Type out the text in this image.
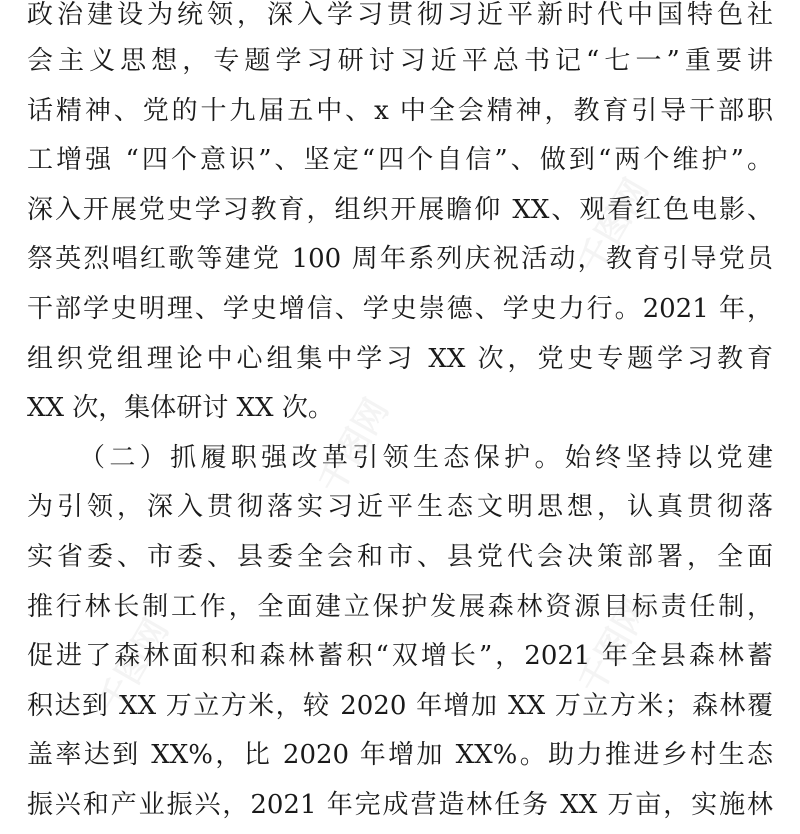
政治建设为统领，深入学习贯彻习近平新时代中国特色社
会主义思想，专题学习研讨习近平总书记“七一”重要讲
话精神、党的十九届五中、x 中全会精神，教育引导干部职
工增强 “四个意识”、坚定“四个自信”、做到“两个维护”。
深入开展党史学习教育，组织开展瞻仰 XX、观看红色电影、
祭英烈唱红歌等建党 100 周年系列庆祝活动，教育引导党员
干部学史明理、学史增信、学史崇德、学史力行。2021 年，
组织党组理论中心组集中学习 XX 次，党史专题学习教育
XX 次，集体研讨 XX 次。
（二）抓履职强改革引领生态保护。始终坚持以党建
为引领，深入贯彻落实习近平生态文明思想，认真贯彻落
实省委、市委、县委全会和市、县党代会决策部署，全面
推行林长制工作，全面建立保护发展森林资源目标责任制，
促进了森林面积和森林蓄积“双增长”，2021 年全县森林蓄
积达到 XX 万立方米，较 2020 年增加 XX 万立方米；森林覆
盖率达到 XX%，比 2020 年增加 XX%。助力推进乡村生态
振兴和产业振兴，2021 年完成营造林任务 XX 万亩，实施林
千图网
千图网
千图网
千图网
